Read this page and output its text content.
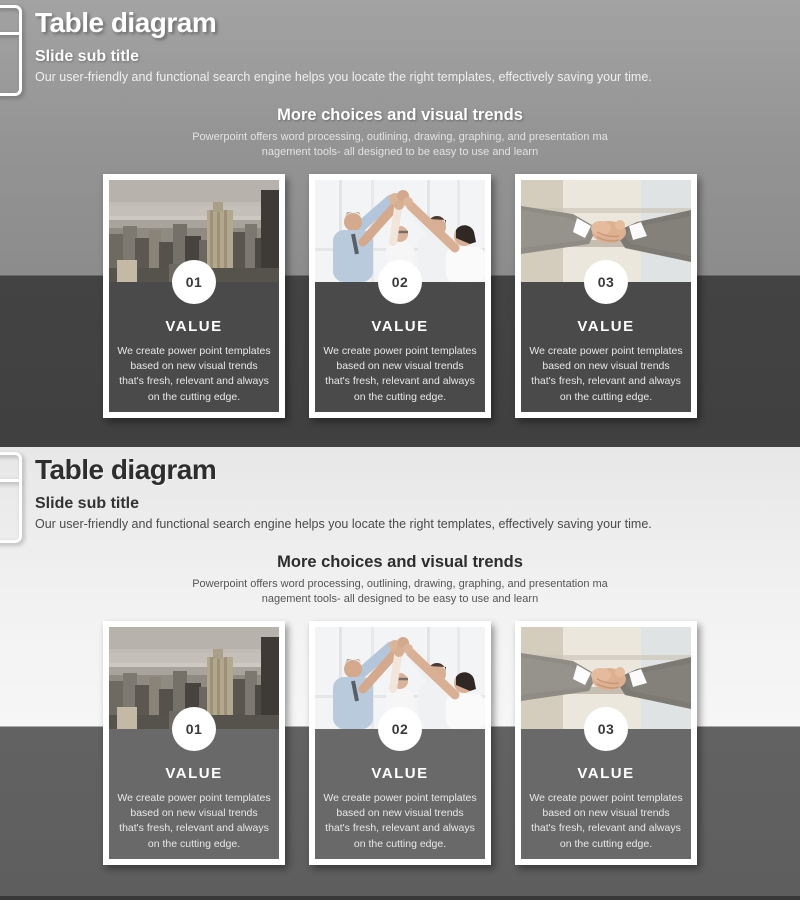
Table diagram
Slide sub title
Our user-friendly and functional search engine helps you locate the right templates, effectively saving your time.
More choices and visual trends
Powerpoint offers word processing, outlining, drawing, graphing, and presentation ma
nagement tools- all designed to be easy to use and learn
01
VALUE
We create power point templates based on new visual trends that's fresh, relevant and always on the cutting edge.
02
VALUE
We create power point templates based on new visual trends that's fresh, relevant and always on the cutting edge.
03
VALUE
We create power point templates based on new visual trends that's fresh, relevant and always on the cutting edge.
Table diagram
Slide sub title
Our user-friendly and functional search engine helps you locate the right templates, effectively saving your time.
More choices and visual trends
Powerpoint offers word processing, outlining, drawing, graphing, and presentation ma
nagement tools- all designed to be easy to use and learn
01
VALUE
We create power point templates based on new visual trends that's fresh, relevant and always on the cutting edge.
02
VALUE
We create power point templates based on new visual trends that's fresh, relevant and always on the cutting edge.
03
VALUE
We create power point templates based on new visual trends that's fresh, relevant and always on the cutting edge.
